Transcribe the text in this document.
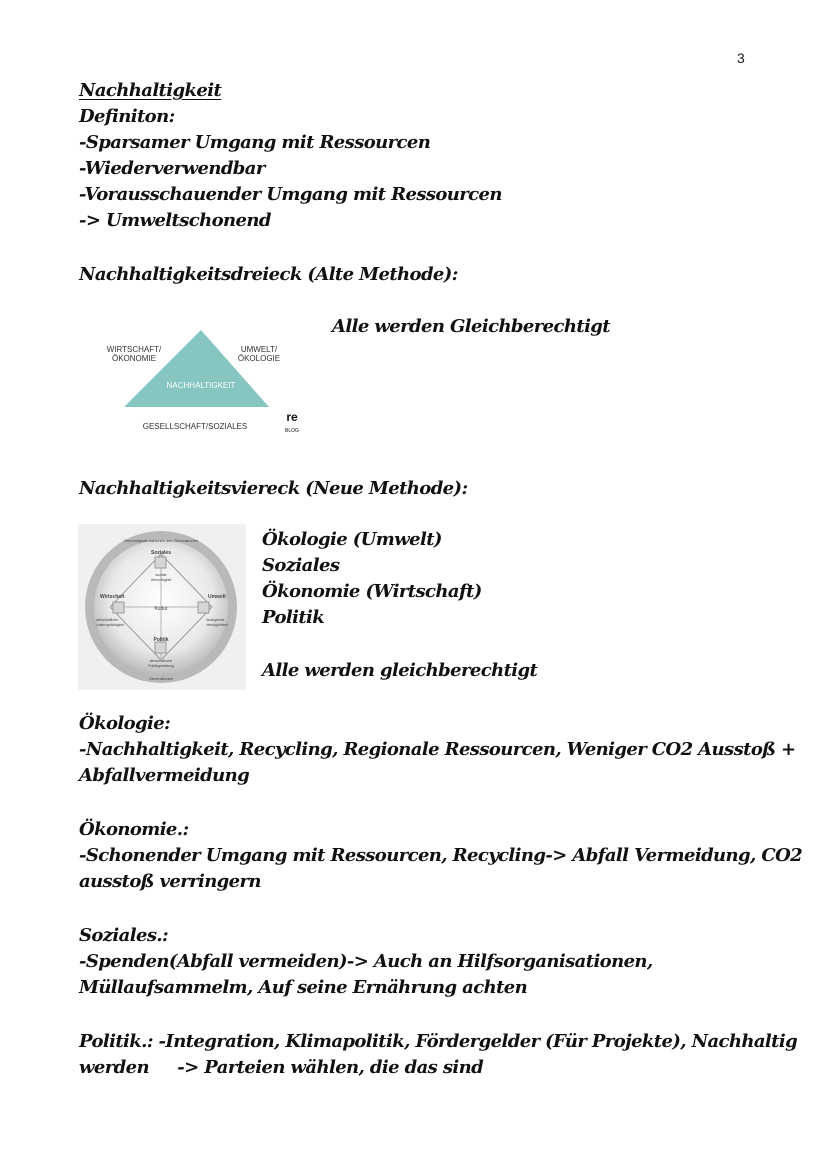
3

Nachhaltigkeit

Definiton:

-Sparsamer Umgang mit Ressourcen

-Wiederverwendbar

-Vorausschauender Umgang mit Ressourcen

-> Umweltschonend

Nachhaltigkeitsdreieck (Alte Methode):

Alle werden Gleichberechtigt

WIRTSCHAFT/
ÖKONOMIE

UMWELT/
ÖKOLOGIE

NACHHALTIGKEIT

GESELLSCHAFT/SOZIALES

re
BLOG

Nachhaltigkeitsviereck (Neue Methode):

Gerechtigkeit zwischen den Generationen
Generationen
Soziales
soziale
Gerechtigkeit
Wirtschaft
wirtschaftliche
Leistungsfähigkeit
Umwelt
ökologische
Verträglichkeit
Politik
demokratische
Politikgestaltung
Kultur

Ökologie (Umwelt)

Soziales

Ökonomie (Wirtschaft)

Politik

Alle werden gleichberechtigt

Ökologie:

-Nachhaltigkeit, Recycling, Regionale Ressourcen, Weniger CO2 Ausstoß +

Abfallvermeidung

Ökonomie.:

-Schonender Umgang mit Ressourcen, Recycling-> Abfall Vermeidung, CO2

ausstoß verringern

Soziales.:

-Spenden(Abfall vermeiden)-> Auch an Hilfsorganisationen,

Müllaufsammelm, Auf seine Ernährung achten

Politik.: -Integration, Klimapolitik, Fördergelder (Für Projekte), Nachhaltig

werden     -> Parteien wählen, die das sind
